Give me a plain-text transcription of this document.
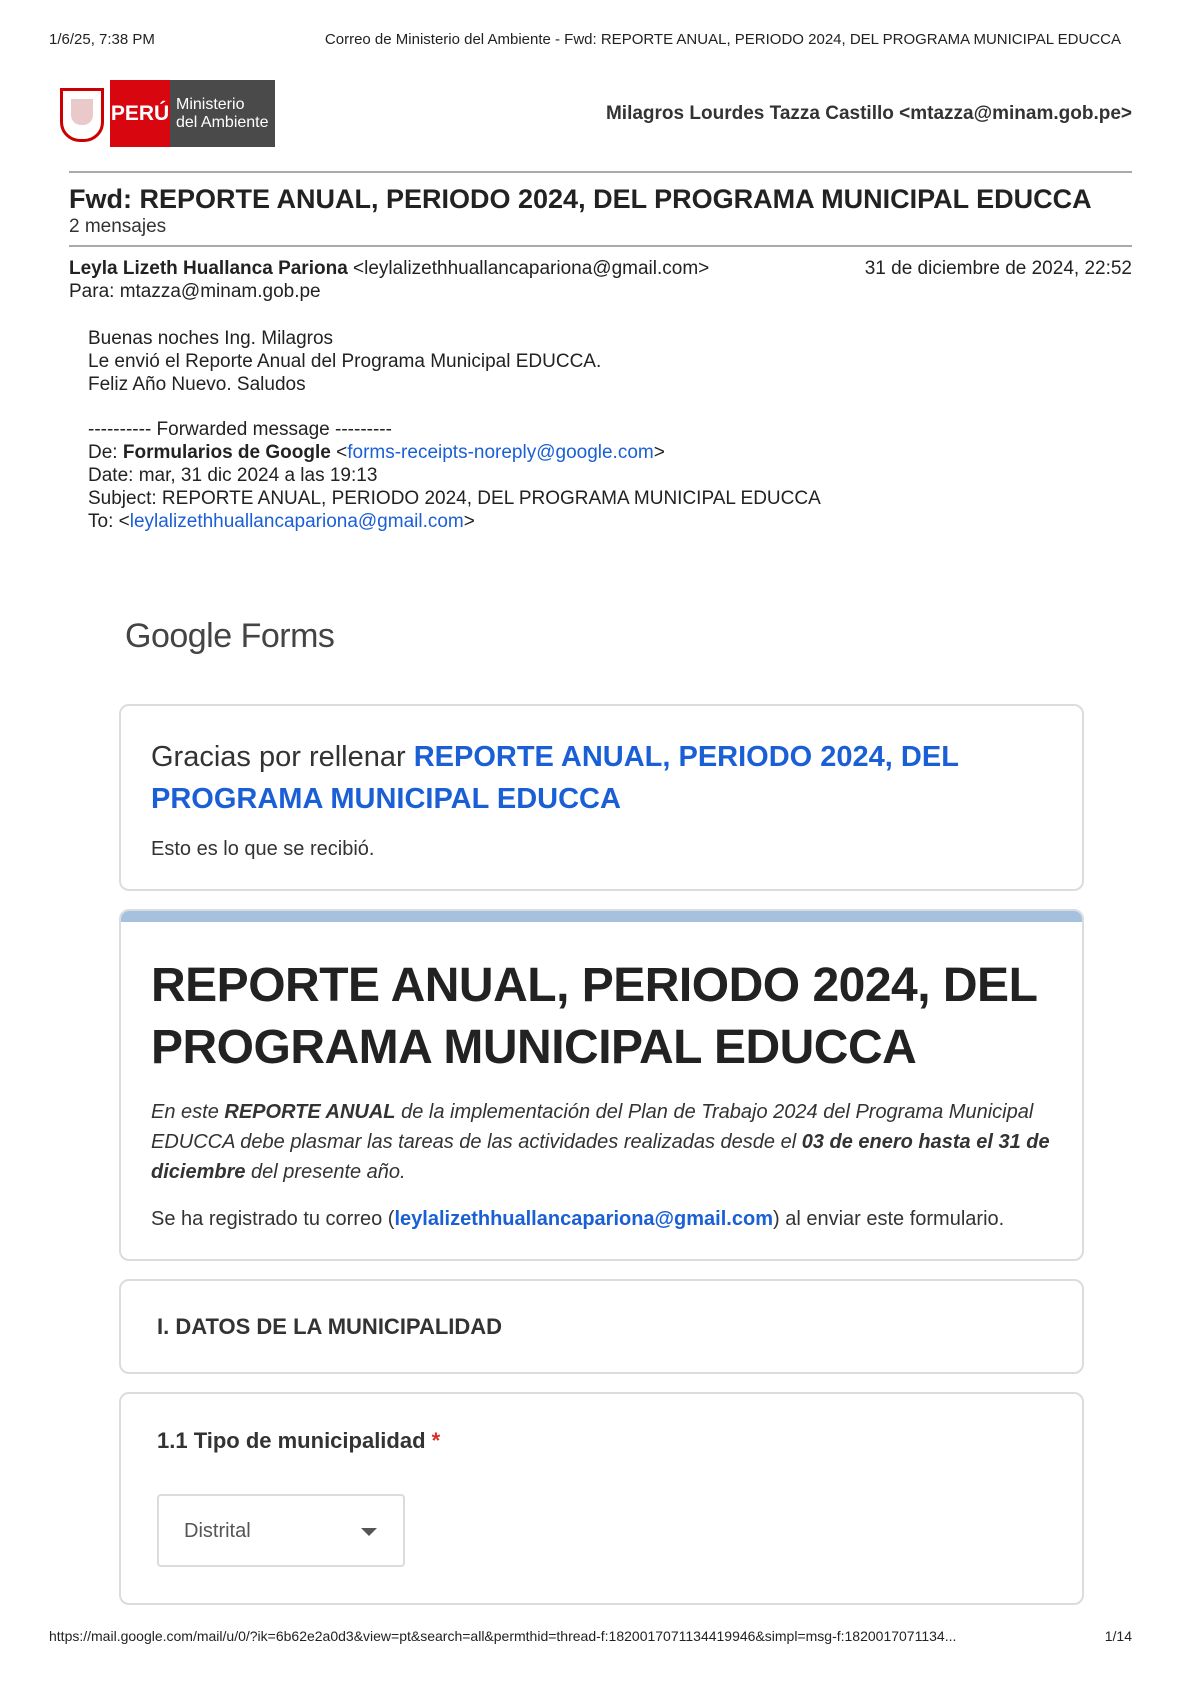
1/6/25, 7:38 PM	Correo de Ministerio del Ambiente - Fwd: REPORTE ANUAL, PERIODO 2024, DEL PROGRAMA MUNICIPAL EDUCCA
PERÚ Ministerio
del Ambiente	Milagros Lourdes Tazza Castillo <mtazza@minam.gob.pe>
Fwd: REPORTE ANUAL, PERIODO 2024, DEL PROGRAMA MUNICIPAL EDUCCA
2 mensajes
Leyla Lizeth Huallanca Pariona <leylalizethhuallancapariona@gmail.com>	31 de diciembre de 2024, 22:52
Para: mtazza@minam.gob.pe
Buenas noches Ing. Milagros
Le envió el Reporte Anual del Programa Municipal EDUCCA.
Feliz Año Nuevo. Saludos
---------- Forwarded message ---------
De: Formularios de Google <forms-receipts-noreply@google.com>
Date: mar, 31 dic 2024 a las 19:13
Subject: REPORTE ANUAL, PERIODO 2024, DEL PROGRAMA MUNICIPAL EDUCCA
To: <leylalizethhuallancapariona@gmail.com>
Google Forms
Gracias por rellenar REPORTE ANUAL, PERIODO 2024, DEL PROGRAMA MUNICIPAL EDUCCA
Esto es lo que se recibió.
REPORTE ANUAL, PERIODO 2024, DEL PROGRAMA MUNICIPAL EDUCCA
En este REPORTE ANUAL de la implementación del Plan de Trabajo 2024 del Programa Municipal EDUCCA debe plasmar las tareas de las actividades realizadas desde el 03 de enero hasta el 31 de diciembre del presente año.
Se ha registrado tu correo (leylalizethhuallancapariona@gmail.com) al enviar este formulario.
I. DATOS DE LA MUNICIPALIDAD
1.1 Tipo de municipalidad *
Distrital
https://mail.google.com/mail/u/0/?ik=6b62e2a0d3&view=pt&search=all&permthid=thread-f:1820017071134419946&simpl=msg-f:1820017071134...	1/14
